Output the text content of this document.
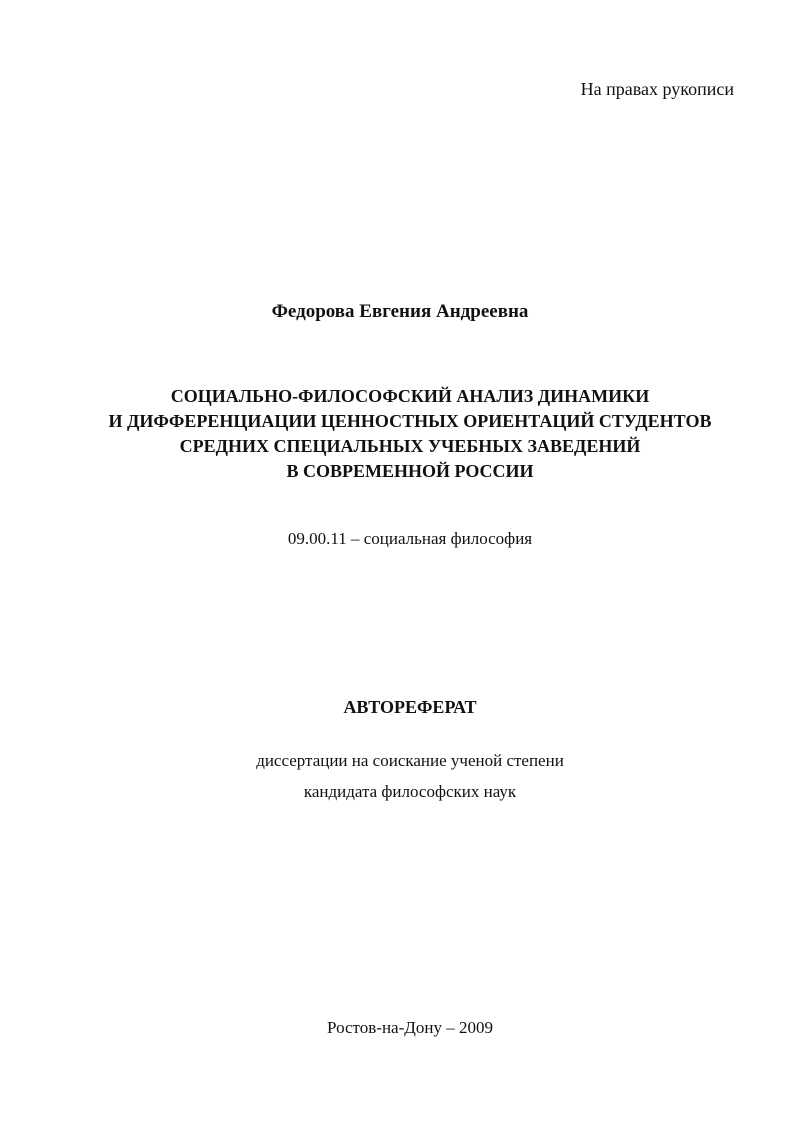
На правах рукописи
Федорова Евгения Андреевна
СОЦИАЛЬНО-ФИЛОСОФСКИЙ АНАЛИЗ ДИНАМИКИ
И ДИФФЕРЕНЦИАЦИИ ЦЕННОСТНЫХ ОРИЕНТАЦИЙ СТУДЕНТОВ
СРЕДНИХ СПЕЦИАЛЬНЫХ УЧЕБНЫХ ЗАВЕДЕНИЙ
В СОВРЕМЕННОЙ РОССИИ
09.00.11 – социальная философия
АВТОРЕФЕРАТ
диссертации на соискание ученой степени
кандидата философских наук
Ростов-на-Дону – 2009
